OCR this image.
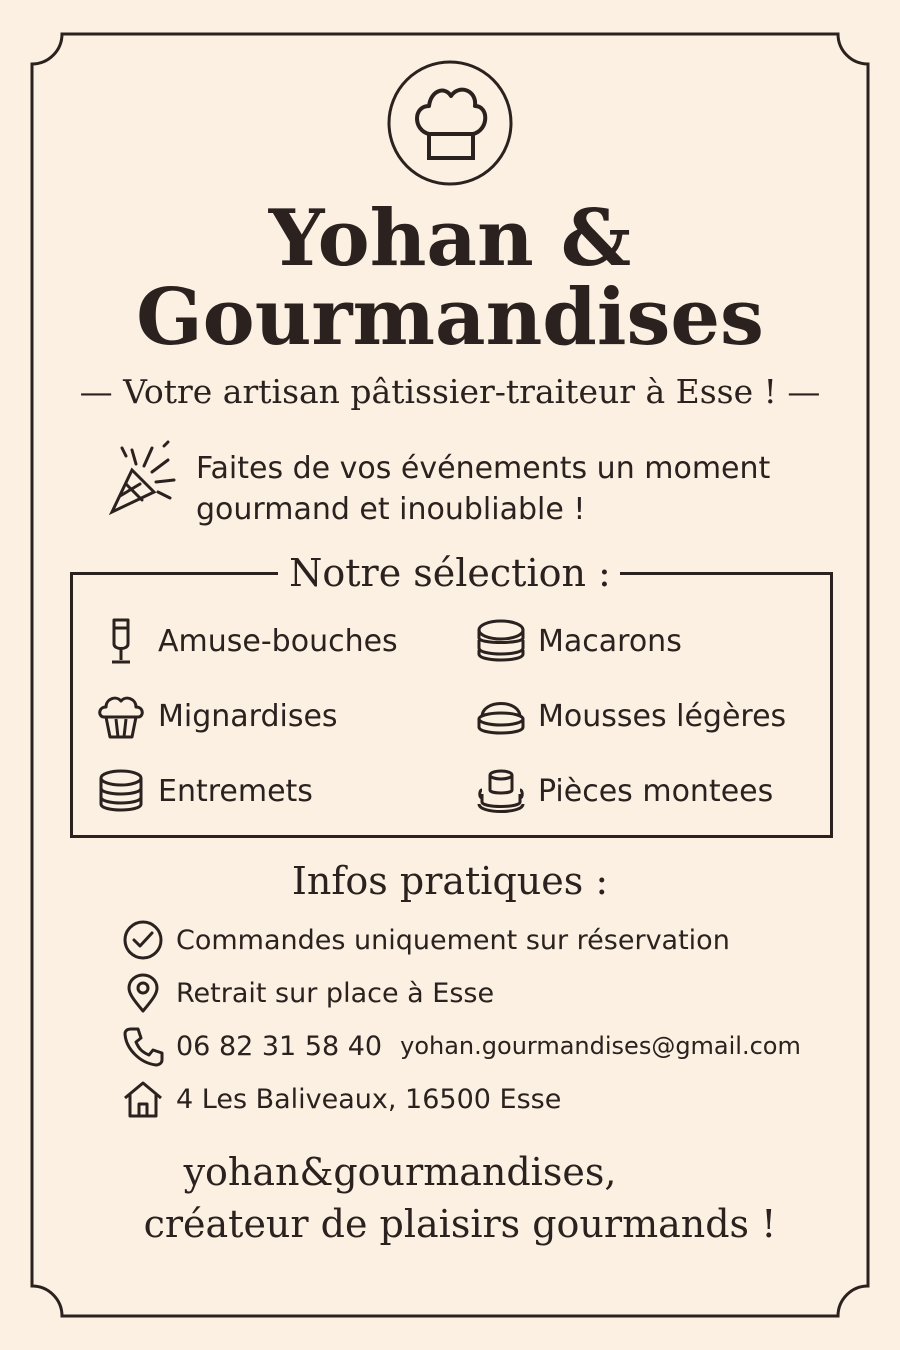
Yohan &
Gourmandises
— Votre artisan pâtissier-traiteur à Esse ! —
Faites de vos événements un moment gourmand et inoubliable !
Notre sélection :
Amuse-bouches	Macarons
Mignardises	Mousses légères
Entremets	Pièces montees
Infos pratiques :
Commandes uniquement sur réservation
Retrait sur place à Esse
06 82 31 58 40 yohan.gourmandises@gmail.com
4 Les Baliveaux, 16500 Esse
yohan&gourmandises,
créateur de plaisirs gourmands !
